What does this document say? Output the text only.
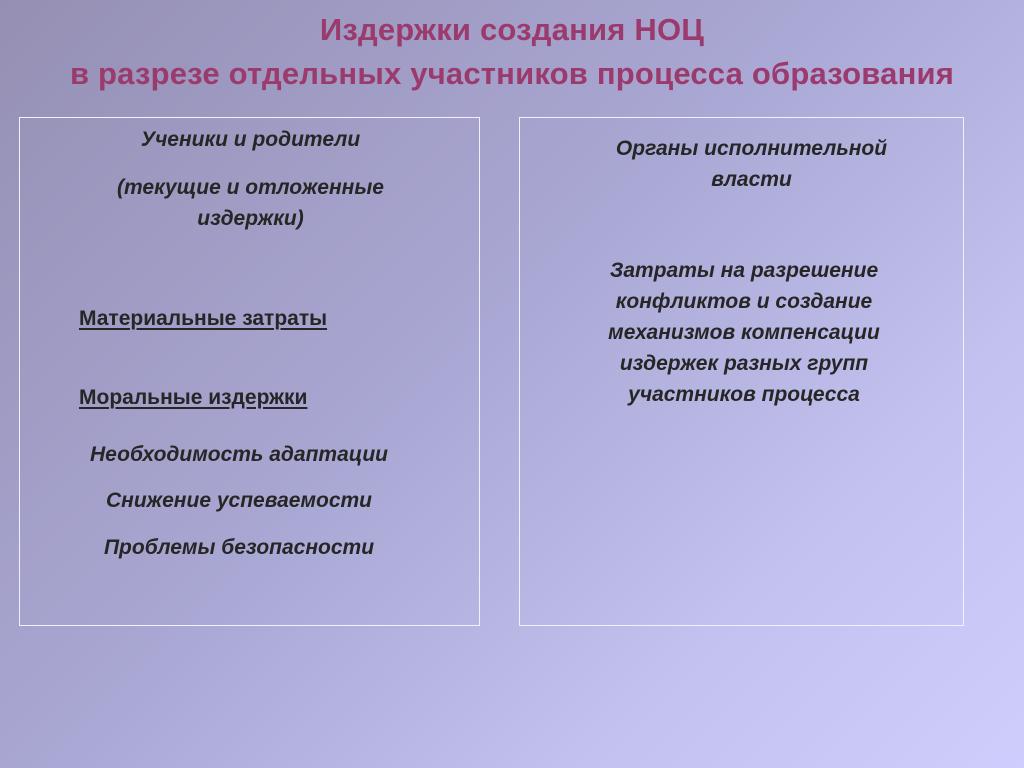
Издержки создания НОЦ
в разрезе отдельных участников процесса образования
Ученики и родители
(текущие и отложенные
издержки)
Материальные затраты
Моральные издержки
Необходимость адаптации
Снижение успеваемости
Проблемы безопасности
Органы исполнительной
власти
Затраты на разрешение
конфликтов и создание
механизмов компенсации
издержек разных групп
участников процесса
